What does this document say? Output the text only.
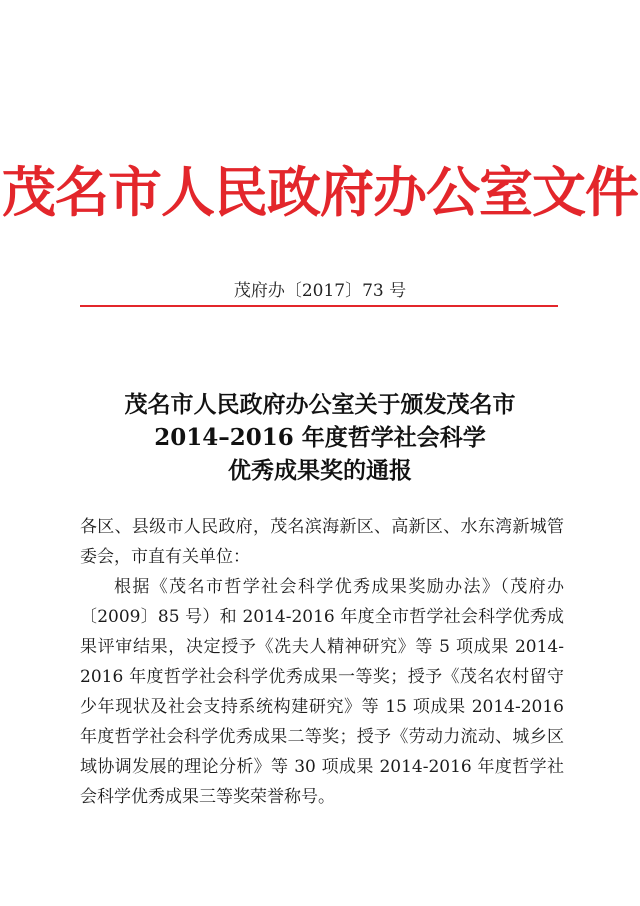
茂名市人民政府办公室文件
茂府办〔2017〕73 号
茂名市人民政府办公室关于颁发茂名市
2014–2016 年度哲学社会科学
优秀成果奖的通报

各区、县级市人民政府，茂名滨海新区、高新区、水东湾新城管委会，市直有关单位：

根据《茂名市哲学社会科学优秀成果奖励办法》（茂府办〔2009〕85 号）和 2014-2016 年度全市哲学社会科学优秀成果评审结果，决定授予《冼夫人精神研究》等 5 项成果 2014-2016 年度哲学社会科学优秀成果一等奖；授予《茂名农村留守少年现状及社会支持系统构建研究》等 15 项成果 2014-2016 年度哲学社会科学优秀成果二等奖；授予《劳动力流动、城乡区域协调发展的理论分析》等 30 项成果 2014-2016 年度哲学社会科学优秀成果三等奖荣誉称号。
